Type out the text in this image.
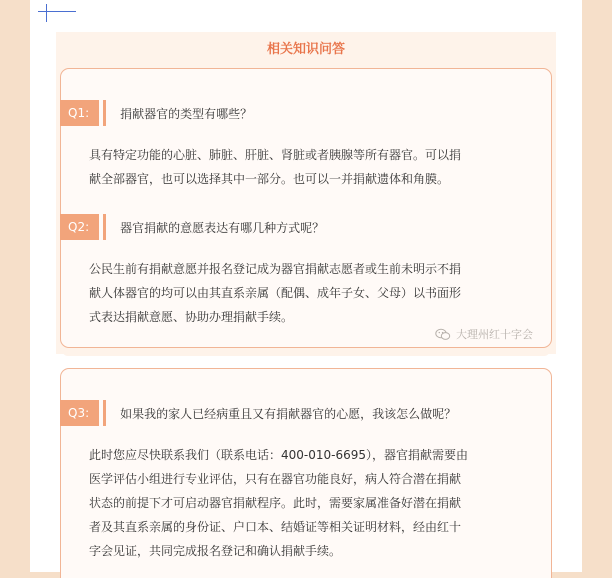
相关知识问答
Q1:	捐献器官的类型有哪些？
具有特定功能的心脏、肺脏、肝脏、肾脏或者胰腺等所有器官。可以捐
献全部器官，也可以选择其中一部分。也可以一并捐献遗体和角膜。
Q2:	器官捐献的意愿表达有哪几种方式呢？
公民生前有捐献意愿并报名登记成为器官捐献志愿者或生前未明示不捐
献人体器官的均可以由其直系亲属（配偶、成年子女、父母）以书面形
式表达捐献意愿、协助办理捐献手续。
大理州红十字会
Q3:	如果我的家人已经病重且又有捐献器官的心愿，我该怎么做呢？
此时您应尽快联系我们（联系电话：400-010-6695），器官捐献需要由
医学评估小组进行专业评估，只有在器官功能良好，病人符合潜在捐献
状态的前提下才可启动器官捐献程序。此时，需要家属准备好潜在捐献
者及其直系亲属的身份证、户口本、结婚证等相关证明材料，经由红十
字会见证，共同完成报名登记和确认捐献手续。
